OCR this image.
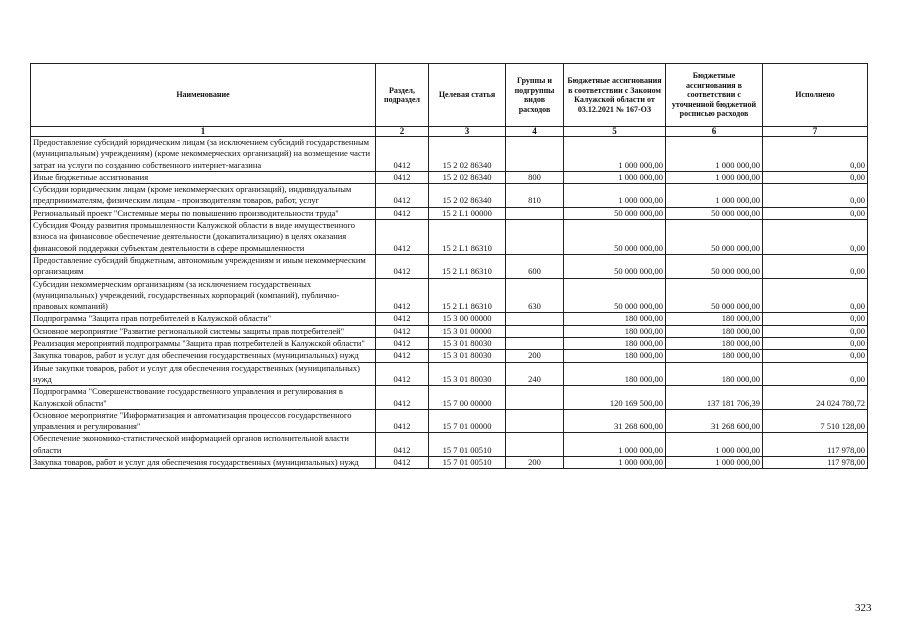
Наименование	Раздел, подраздел	Целевая статья	Группы и подгруппы видов расходов	Бюджетные ассигнования в соответствии с Законом Калужской области от 03.12.2021 № 167-ОЗ	Бюджетные ассигнования в соответствии с уточненной бюджетной росписью расходов	Исполнено
1	2	3	4	5	6	7
Предоставление субсидий юридическим лицам (за исключением субсидий государственным (муниципальным) учреждениям) (кроме некоммерческих организаций) на возмещение части затрат на услуги по созданию собственного интернет-магазина	0412	15 2 02 86340		1 000 000,00	1 000 000,00	0,00
Иные бюджетные ассигнования	0412	15 2 02 86340	800	1 000 000,00	1 000 000,00	0,00
Субсидии юридическим лицам (кроме некоммерческих организаций), индивидуальным предпринимателям, физическим лицам - производителям товаров, работ, услуг	0412	15 2 02 86340	810	1 000 000,00	1 000 000,00	0,00
Региональный проект "Системные меры по повышению производительности труда"	0412	15 2 L1 00000		50 000 000,00	50 000 000,00	0,00
Субсидия Фонду развития промышленности Калужской области в виде имущественного взноса на финансовое обеспечение деятельности (докапитализацию) в целях оказания финансовой поддержки субъектам деятельности в сфере промышленности	0412	15 2 L1 86310		50 000 000,00	50 000 000,00	0,00
Предоставление субсидий бюджетным, автономным учреждениям и иным некоммерческим организациям	0412	15 2 L1 86310	600	50 000 000,00	50 000 000,00	0,00
Субсидии некоммерческим организациям (за исключением государственных (муниципальных) учреждений, государственных корпораций (компаний), публично-правовых компаний)	0412	15 2 L1 86310	630	50 000 000,00	50 000 000,00	0,00
Подпрограмма "Защита прав потребителей в Калужской области"	0412	15 3 00 00000		180 000,00	180 000,00	0,00
Основное мероприятие "Развитие региональной системы защиты прав потребителей"	0412	15 3 01 00000		180 000,00	180 000,00	0,00
Реализация мероприятий подпрограммы "Защита прав потребителей в Калужской области"	0412	15 3 01 80030		180 000,00	180 000,00	0,00
Закупка товаров, работ и услуг для обеспечения государственных (муниципальных) нужд	0412	15 3 01 80030	200	180 000,00	180 000,00	0,00
Иные закупки товаров, работ и услуг для обеспечения государственных (муниципальных) нужд	0412	15 3 01 80030	240	180 000,00	180 000,00	0,00
Подпрограмма "Совершенствование государственного управления и регулирования в Калужской области"	0412	15 7 00 00000		120 169 500,00	137 181 706,39	24 024 780,72
Основное мероприятие "Информатизация и автоматизация процессов государственного управления и регулирования"	0412	15 7 01 00000		31 268 600,00	31 268 600,00	7 510 128,00
Обеспечение экономико-статистической информацией органов исполнительной власти области	0412	15 7 01 00510		1 000 000,00	1 000 000,00	117 978,00
Закупка товаров, работ и услуг для обеспечения государственных (муниципальных) нужд	0412	15 7 01 00510	200	1 000 000,00	1 000 000,00	117 978,00
323
